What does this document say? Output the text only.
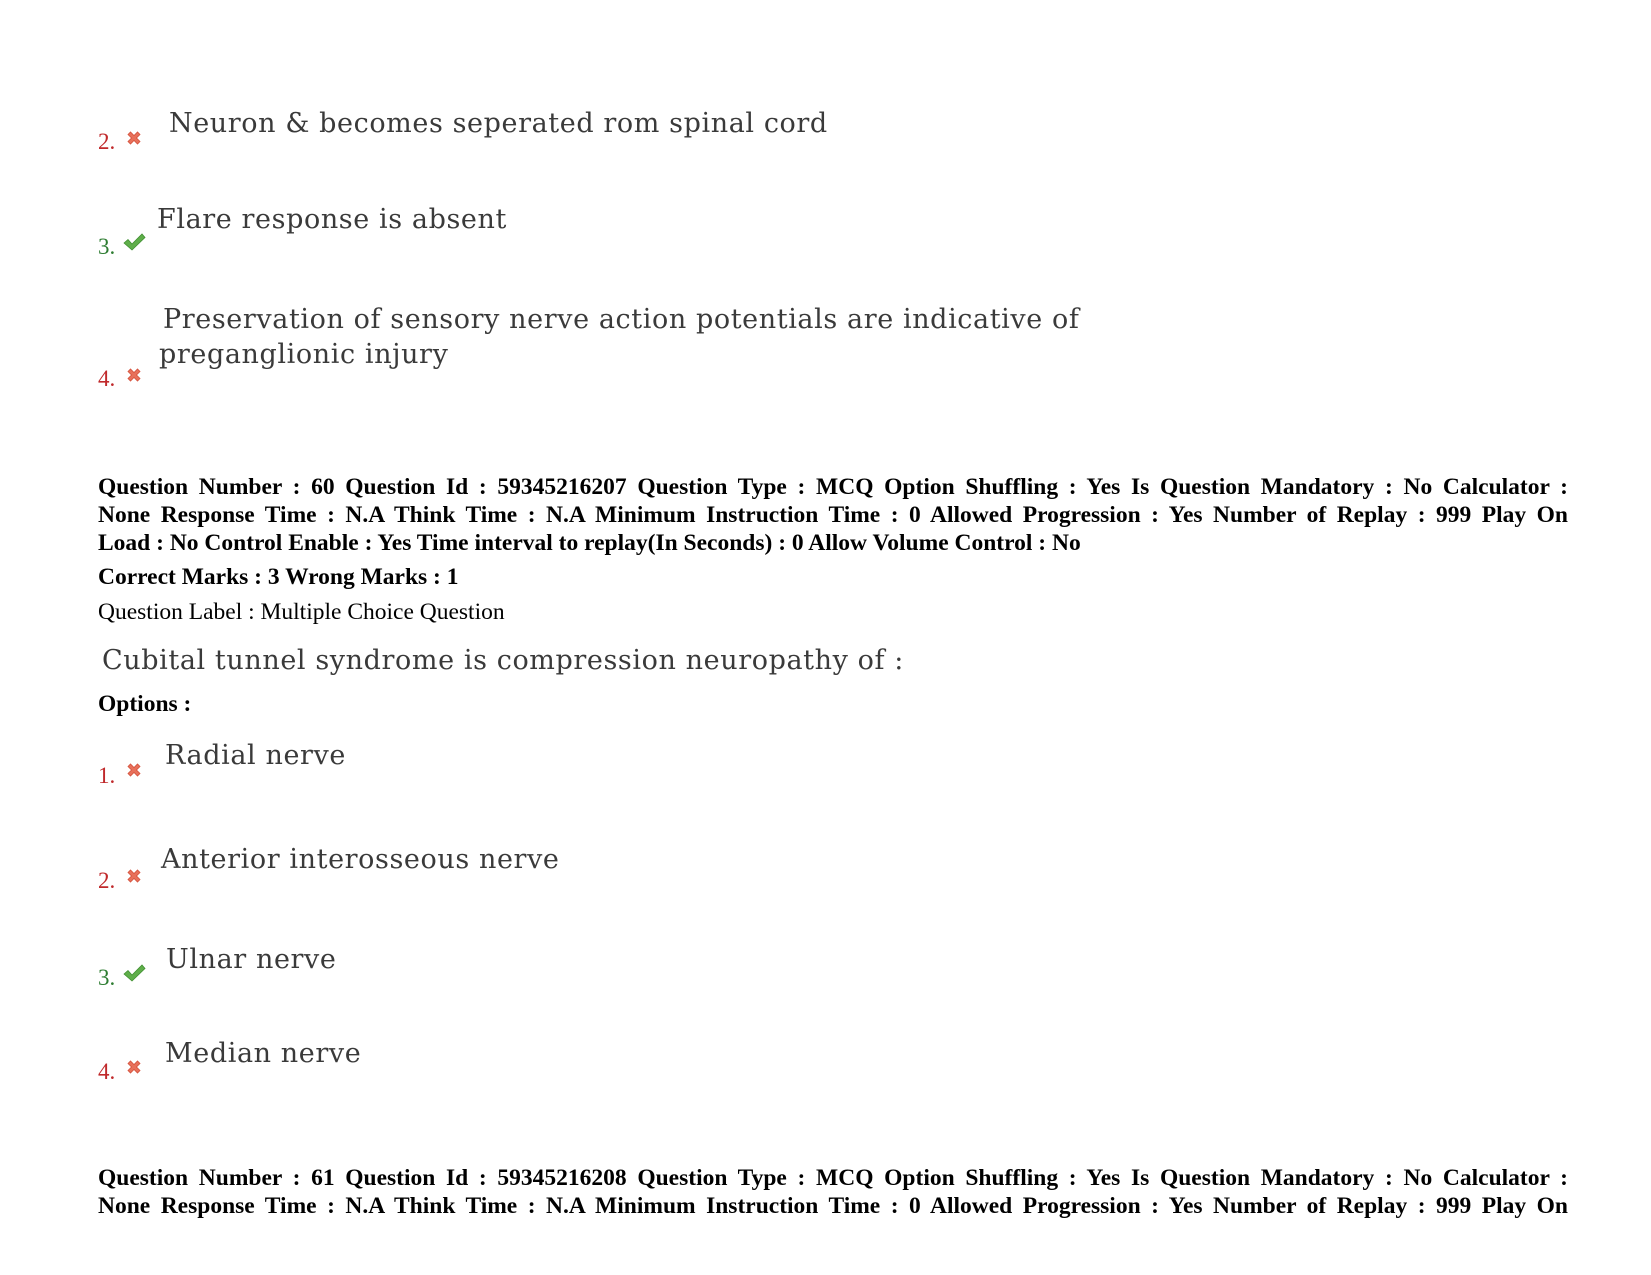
2.
Neuron & becomes seperated rom spinal cord
3.
Flare response is absent
4.
Preservation of sensory nerve action potentials are indicative of
preganglionic injury
Question Number : 60 Question Id : 59345216207 Question Type : MCQ Option Shuffling : Yes Is Question Mandatory : No Calculator :
None Response Time : N.A Think Time : N.A Minimum Instruction Time : 0 Allowed Progression : Yes Number of Replay : 999 Play On
Load : No Control Enable : Yes Time interval to replay(In Seconds) : 0 Allow Volume Control : No
Correct Marks : 3 Wrong Marks : 1
Question Label : Multiple Choice Question
Cubital tunnel syndrome is compression neuropathy of :
Options :
1.
Radial nerve
2.
Anterior interosseous nerve
3.
Ulnar nerve
4.
Median nerve
Question Number : 61 Question Id : 59345216208 Question Type : MCQ Option Shuffling : Yes Is Question Mandatory : No Calculator :
None Response Time : N.A Think Time : N.A Minimum Instruction Time : 0 Allowed Progression : Yes Number of Replay : 999 Play On
